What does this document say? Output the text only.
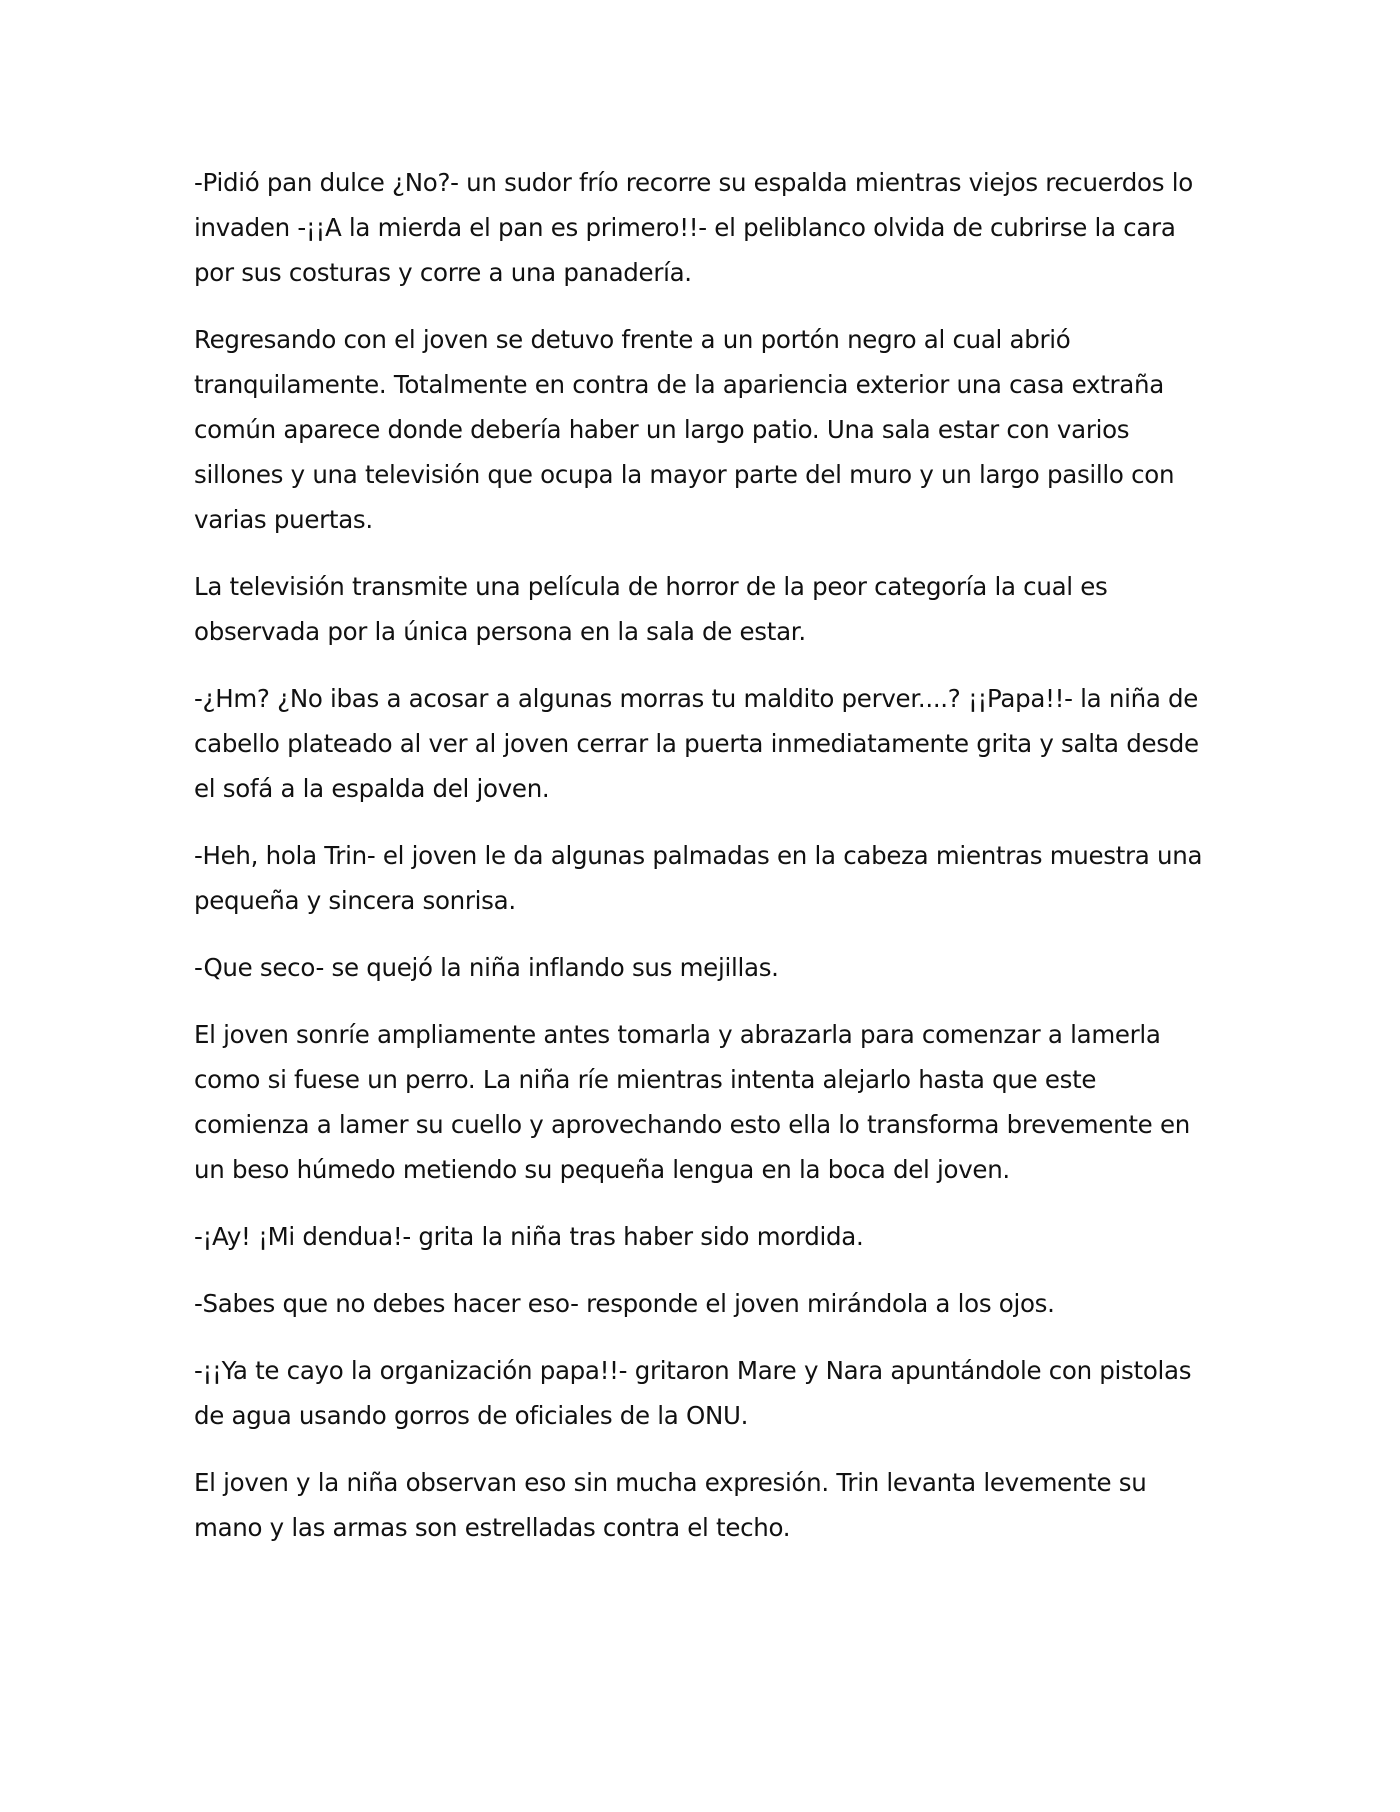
-Pidió pan dulce ¿No?- un sudor frío recorre su espalda mientras viejos recuerdos lo invaden -¡¡A la mierda el pan es primero!!- el peliblanco olvida de cubrirse la cara por sus costuras y corre a una panadería.

Regresando con el joven se detuvo frente a un portón negro al cual abrió tranquilamente. Totalmente en contra de la apariencia exterior una casa extraña común aparece donde debería haber un largo patio. Una sala estar con varios sillones y una televisión que ocupa la mayor parte del muro y un largo pasillo con varias puertas.

La televisión transmite una película de horror de la peor categoría la cual es observada por la única persona en la sala de estar.

-¿Hm? ¿No ibas a acosar a algunas morras tu maldito perver....? ¡¡Papa!!- la niña de cabello plateado al ver al joven cerrar la puerta inmediatamente grita y salta desde el sofá a la espalda del joven.

-Heh, hola Trin- el joven le da algunas palmadas en la cabeza mientras muestra una pequeña y sincera sonrisa.

-Que seco- se quejó la niña inflando sus mejillas.

El joven sonríe ampliamente antes tomarla y abrazarla para comenzar a lamerla como si fuese un perro. La niña ríe mientras intenta alejarlo hasta que este comienza a lamer su cuello y aprovechando esto ella lo transforma brevemente en un beso húmedo metiendo su pequeña lengua en la boca del joven.

-¡Ay! ¡Mi dendua!- grita la niña tras haber sido mordida.

-Sabes que no debes hacer eso- responde el joven mirándola a los ojos.

-¡¡Ya te cayo la organización papa!!- gritaron Mare y Nara apuntándole con pistolas de agua usando gorros de oficiales de la ONU.

El joven y la niña observan eso sin mucha expresión. Trin levanta levemente su mano y las armas son estrelladas contra el techo.
